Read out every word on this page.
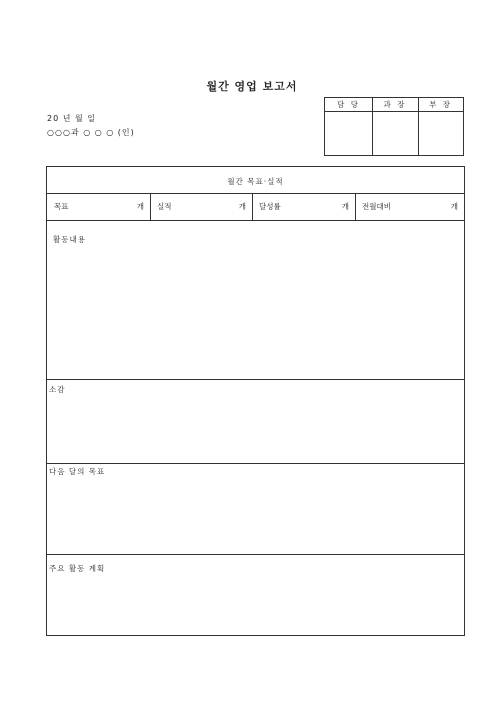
월간 영업 보고서
20 년 월 일
○○○과 ○ ○ ○ (인)
담 당	과 장	부 장
월간 목표·실적
목표	개 실적	개 달성률	개 전월대비	개
활동내용
소감
다음 달의 목표
주요 활동 계획
